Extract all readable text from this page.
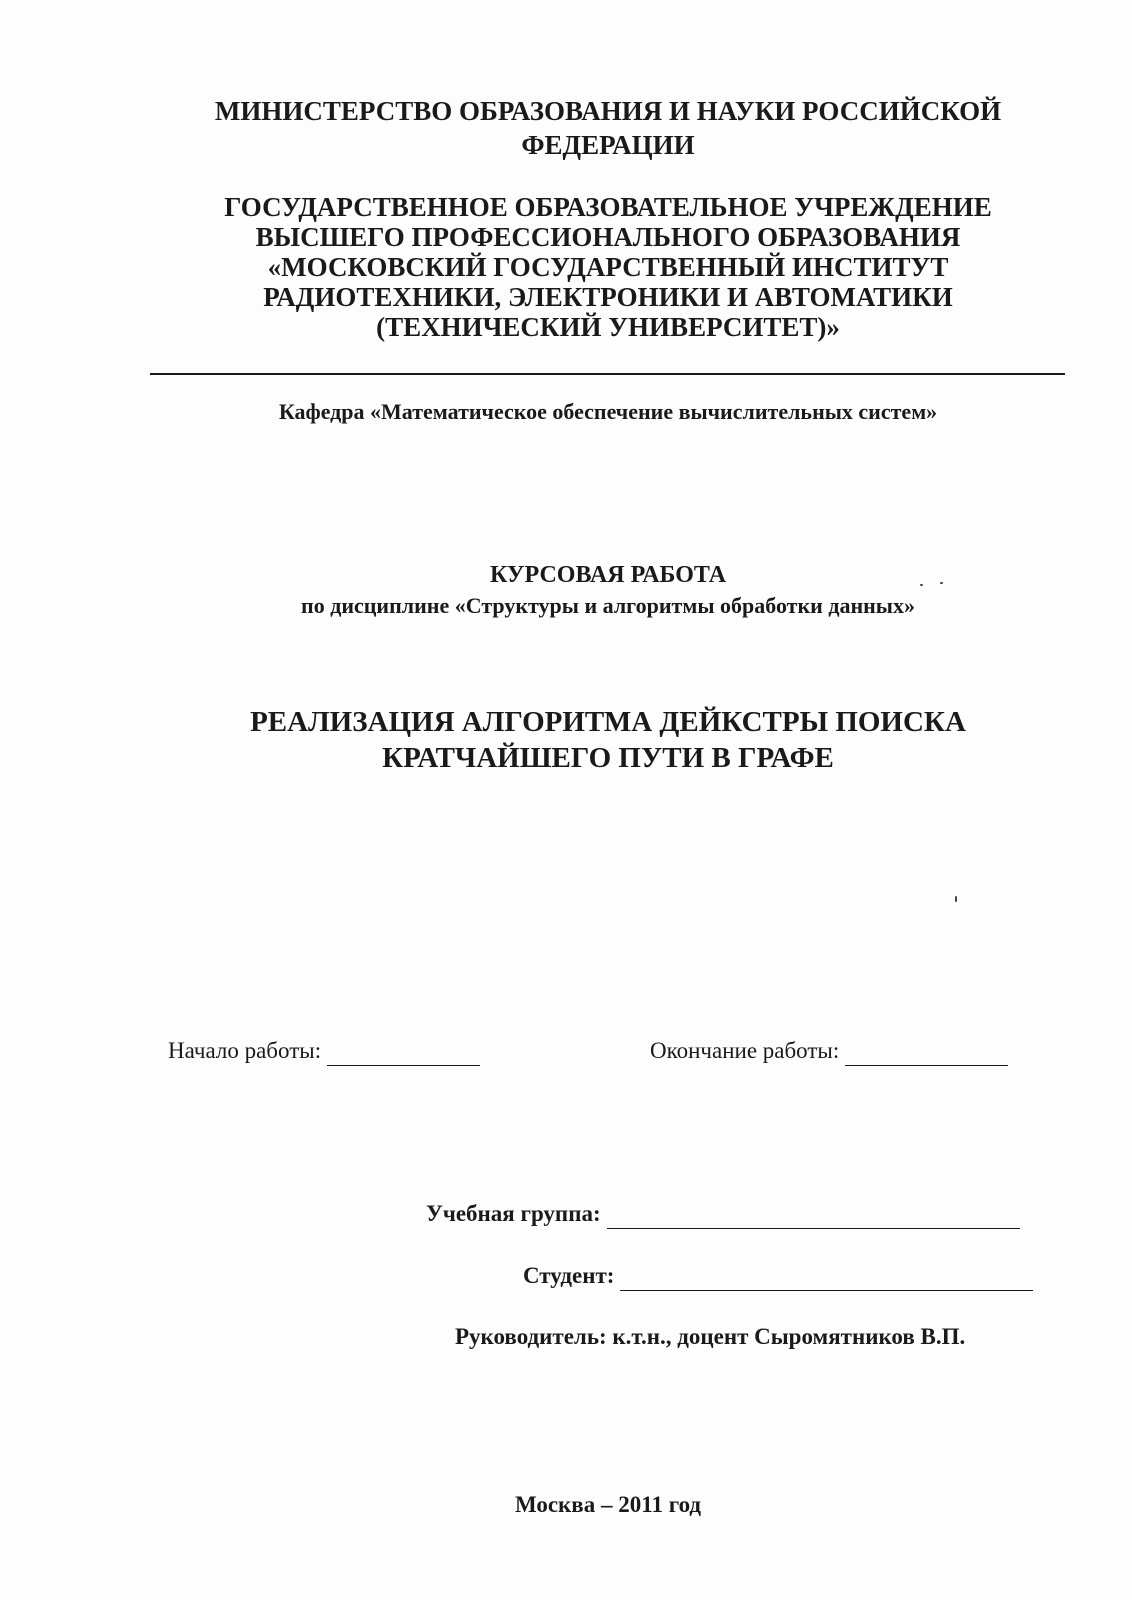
МИНИСТЕРСТВО ОБРАЗОВАНИЯ И НАУКИ РОССИЙСКОЙ
ФЕДЕРАЦИИ
ГОСУДАРСТВЕННОЕ ОБРАЗОВАТЕЛЬНОЕ УЧРЕЖДЕНИЕ
ВЫСШЕГО ПРОФЕССИОНАЛЬНОГО ОБРАЗОВАНИЯ
«МОСКОВСКИЙ ГОСУДАРСТВЕННЫЙ ИНСТИТУТ
РАДИОТЕХНИКИ, ЭЛЕКТРОНИКИ И АВТОМАТИКИ
(ТЕХНИЧЕСКИЙ УНИВЕРСИТЕТ)»
Кафедра «Математическое обеспечение вычислительных систем»
КУРСОВАЯ РАБОТА
по дисциплине «Структуры и алгоритмы обработки данных»
РЕАЛИЗАЦИЯ АЛГОРИТМА ДЕЙКСТРЫ ПОИСКА
КРАТЧАЙШЕГО ПУТИ В ГРАФЕ
Начало работы:	Окончание работы:
Учебная группа:
Студент:
Руководитель: к.т.н., доцент Сыромятников В.П.
Москва – 2011 год
